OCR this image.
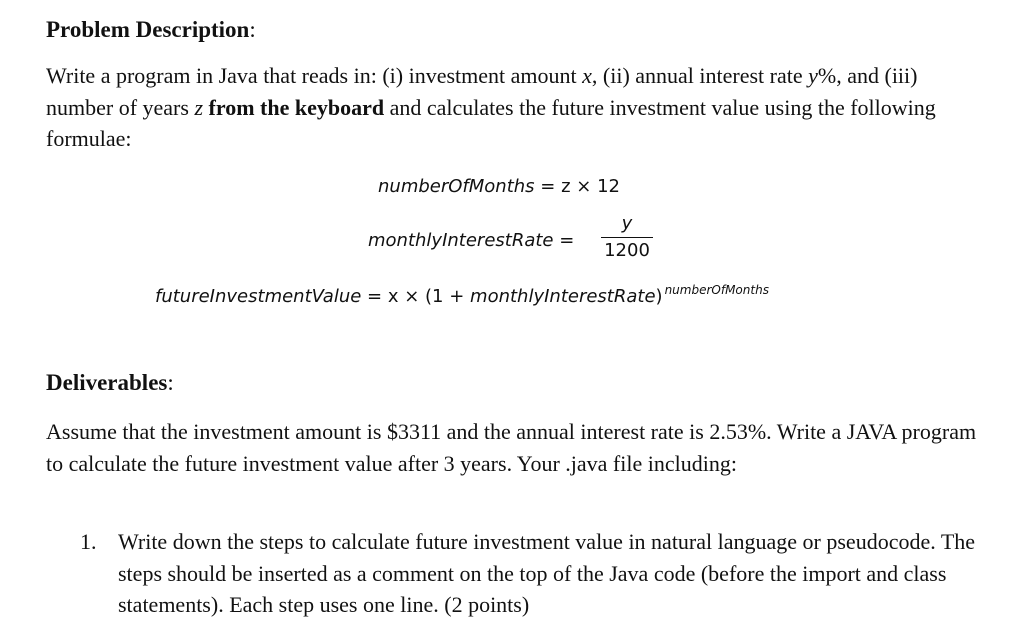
Problem Description:
Write a program in Java that reads in: (i) investment amount x, (ii) annual interest rate y%, and (iii) number of years z from the keyboard and calculates the future investment value using the following formulae:
numberOfMonths = z × 12
monthlyInterestRate =
y
1200
futureInvestmentValue = x × (1 + monthlyInterestRate) $^{numberOfMonths}$
Deliverables:
Assume that the investment amount is $3311 and the annual interest rate is 2.53%. Write a JAVA program to calculate the future investment value after 3 years. Your .java file including:
1. Write down the steps to calculate future investment value in natural language or pseudocode. The steps should be inserted as a comment on the top of the Java code (before the import and class statements). Each step uses one line. (2 points)
